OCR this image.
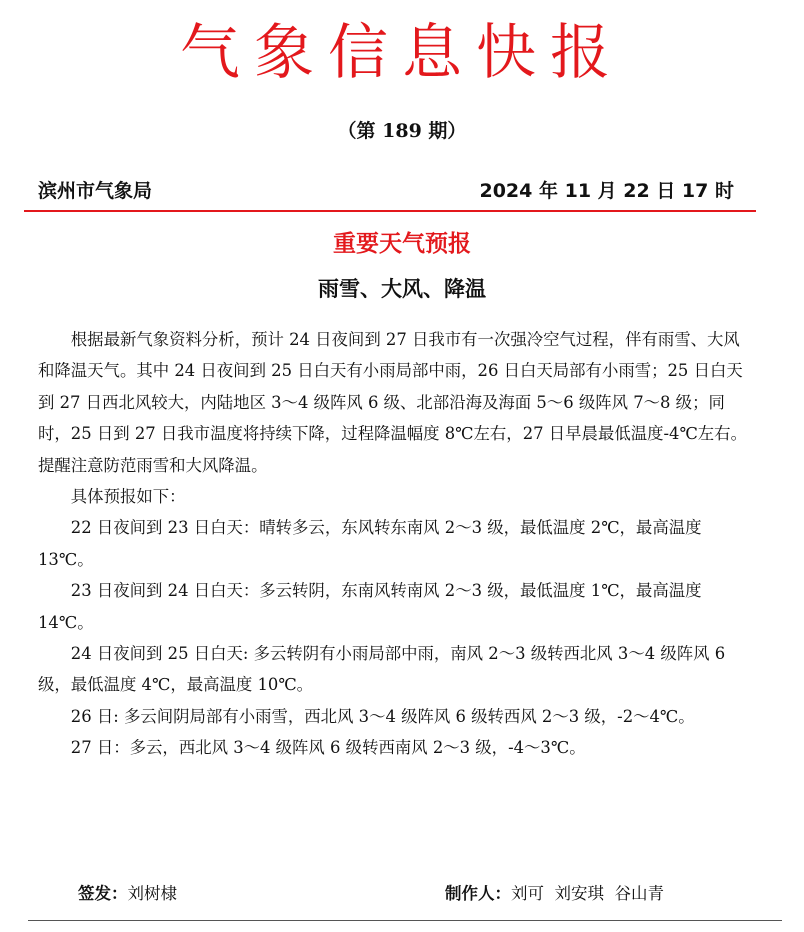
气象信息快报
（第 189 期）
滨州市气象局	2024 年 11 月 22 日 17 时
重要天气预报
雨雪、大风、降温

根据最新气象资料分析，预计 24 日夜间到 27 日我市有一次强冷空气过程，伴有雨雪、大风和降温天气。其中 24 日夜间到 25 日白天有小雨局部中雨，26 日白天局部有小雨雪；25 日白天到 27 日西北风较大，内陆地区 3～4 级阵风 6 级、北部沿海及海面 5～6 级阵风 7～8 级；同时，25 日到 27 日我市温度将持续下降，过程降温幅度 8℃左右，27 日早晨最低温度-4℃左右。提醒注意防范雨雪和大风降温。

具体预报如下：

22 日夜间到 23 日白天：晴转多云，东风转东南风 2～3 级，最低温度 2℃，最高温度 13℃。

23 日夜间到 24 日白天：多云转阴，东南风转南风 2～3 级，最低温度 1℃，最高温度 14℃。

24 日夜间到 25 日白天: 多云转阴有小雨局部中雨，南风 2～3 级转西北风 3～4 级阵风 6 级，最低温度 4℃，最高温度 10℃。

26 日: 多云间阴局部有小雨雪，西北风 3～4 级阵风 6 级转西风 2～3 级，-2～4℃。

27 日：多云，西北风 3～4 级阵风 6 级转西南风 2～3 级，-4～3℃。

签发：刘树棣	制作人：刘可  刘安琪  谷山青
